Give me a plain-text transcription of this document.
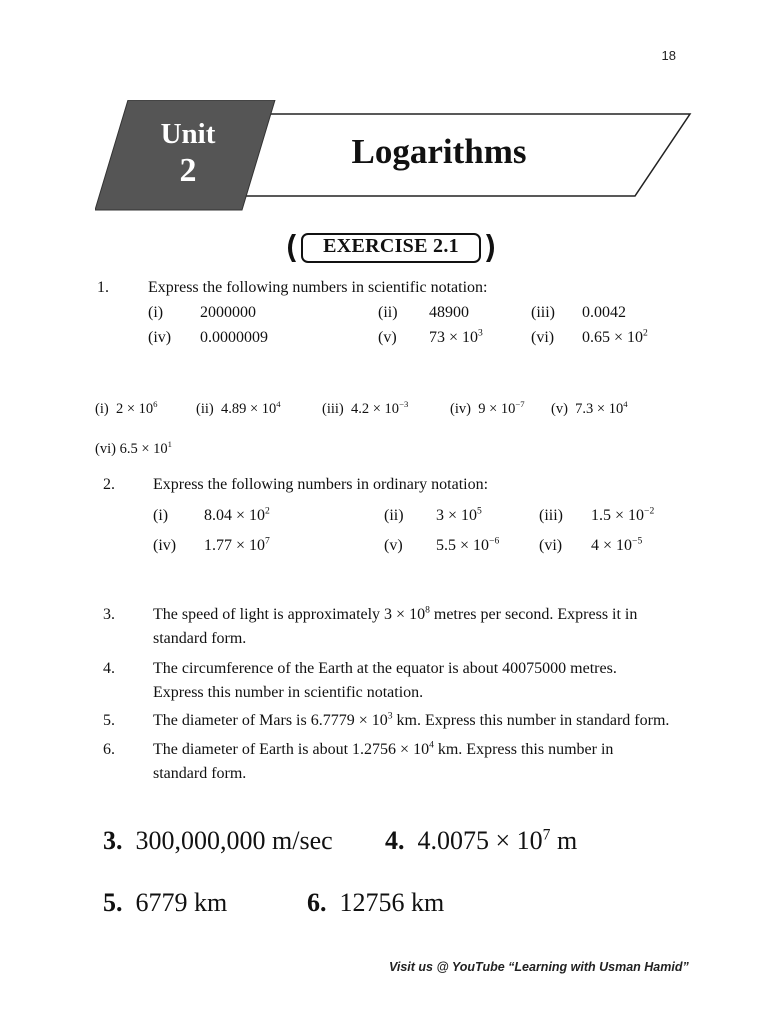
18
Unit
2	Logarithms
EXERCISE 2.1
1. Express the following numbers in scientific notation:
(i) 2000000	(ii) 48900	(iii) 0.0042
(iv) 0.0000009	(v) $73 \times 10^3$	(vi) $0.65 \times 10^2$
(i) $2 \times 10^6$	(ii) $4.89 \times 10^4$	(iii) $4.2 \times 10^{-3}$	(iv) $9 \times 10^{-7}$ (v) $7.3 \times 10^4$
(vi) $6.5 \times 10^1$
2. Express the following numbers in ordinary notation:
(i) $8.04 \times 10^2$	(ii) $3 \times 10^5$	(iii) $1.5 \times 10^{-2}$
(iv) $1.77 \times 10^7$	(v) $5.5 \times 10^{-6}$ (vi) $4 \times 10^{-5}$
3. The speed of light is approximately $3 \times 10^8$ metres per second. Express it in
standard form.
4. The circumference of the Earth at the equator is about 40075000 metres.
Express this number in scientific notation.
5. The diameter of Mars is $6.7779 \times 10^3$ km. Express this number in standard form.
6. The diameter of Earth is about $1.2756 \times 10^4$ km. Express this number in
standard form.
3. 300,000,000 m/sec 4. $4.0075 \times 10^7$ m
5. 6779 km	6. 12756 km
Visit us @ YouTube “Learning with Usman Hamid”
